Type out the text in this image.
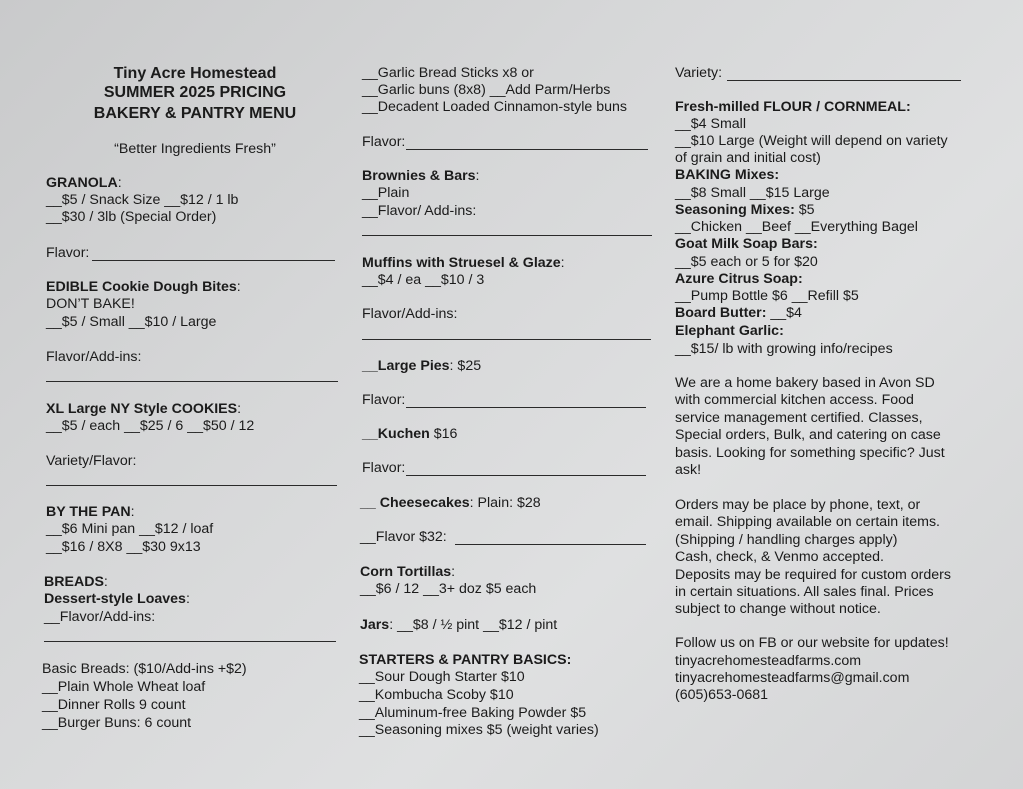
Tiny Acre Homestead
SUMMER 2025 PRICING
BAKERY & PANTRY MENU
“Better Ingredients Fresh”
GRANOLA:
__$5 / Snack Size __$12 / 1 lb
__$30 / 3lb (Special Order)
Flavor:
EDIBLE Cookie Dough Bites:
DON’T BAKE!
__$5 / Small __$10 / Large
Flavor/Add-ins:
XL Large NY Style COOKIES:
__$5 / each __$25 / 6 __$50 / 12
Variety/Flavor:
BY THE PAN:
__$6 Mini pan __$12 / loaf
__$16 / 8X8 __$30 9x13
BREADS:
Dessert-style Loaves:
__Flavor/Add-ins:
Basic Breads: ($10/Add-ins +$2)
__Plain Whole Wheat loaf
__Dinner Rolls 9 count
__Burger Buns: 6 count
__Garlic Bread Sticks x8 or
__Garlic buns (8x8) __Add Parm/Herbs
__Decadent Loaded Cinnamon-style buns
Flavor:
Brownies & Bars:
__Plain
__Flavor/ Add-ins:
Muffins with Struesel & Glaze:
__$4 / ea __$10 / 3
Flavor/Add-ins:
__Large Pies: $25
Flavor:
__Kuchen $16
Flavor:
__ Cheesecakes: Plain: $28
__Flavor $32:
Corn Tortillas:
__$6 / 12 __3+ doz $5 each
Jars: __$8 / ½ pint __$12 / pint
STARTERS & PANTRY BASICS:
__Sour Dough Starter $10
__Kombucha Scoby $10
__Aluminum-free Baking Powder $5
__Seasoning mixes $5 (weight varies)
Variety:
Fresh-milled FLOUR / CORNMEAL:
__$4 Small
__$10 Large (Weight will depend on variety
of grain and initial cost)
BAKING Mixes:
__$8 Small __$15 Large
Seasoning Mixes: $5
__Chicken __Beef __Everything Bagel
Goat Milk Soap Bars:
__$5 each or 5 for $20
Azure Citrus Soap:
__Pump Bottle $6 __Refill $5
Board Butter: __$4
Elephant Garlic:
__$15/ lb with growing info/recipes
We are a home bakery based in Avon SD
with commercial kitchen access. Food
service management certified. Classes,
Special orders, Bulk, and catering on case
basis. Looking for something specific? Just
ask!
Orders may be place by phone, text, or
email. Shipping available on certain items.
(Shipping / handling charges apply)
Cash, check, & Venmo accepted.
Deposits may be required for custom orders
in certain situations. All sales final. Prices
subject to change without notice.
Follow us on FB or our website for updates!
tinyacrehomesteadfarms.com
tinyacrehomesteadfarms@gmail.com
(605)653-0681
